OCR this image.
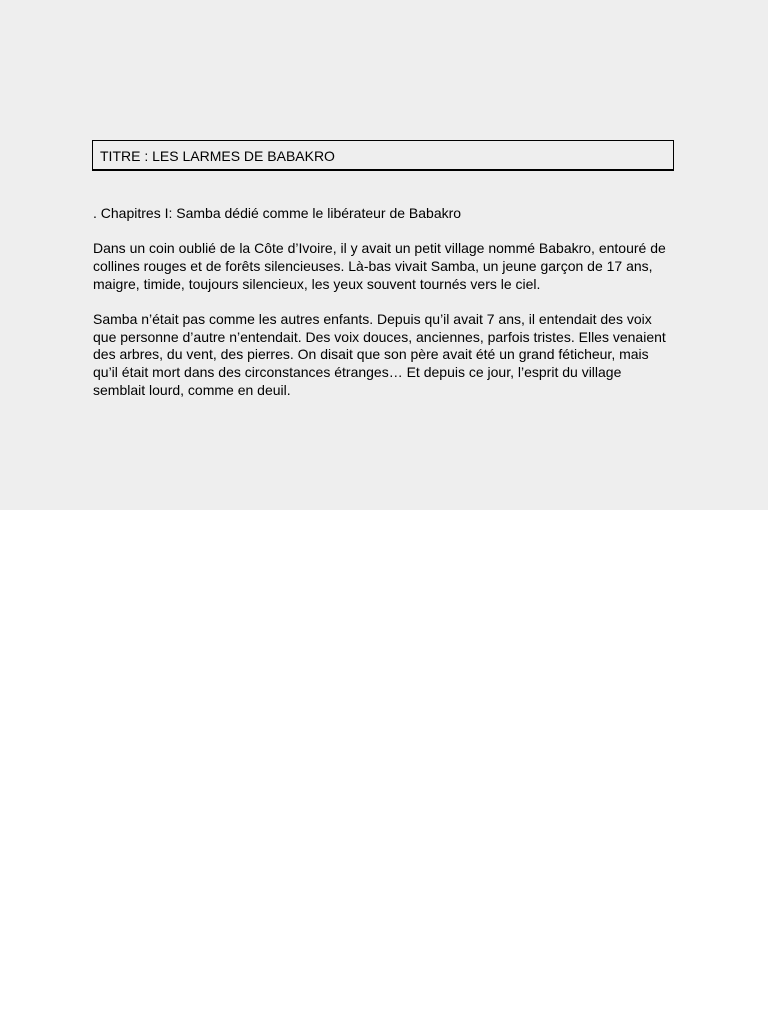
TITRE : LES LARMES DE BABAKRO

. Chapitres I: Samba dédié comme le libérateur de Babakro

Dans un coin oublié de la Côte d’Ivoire, il y avait un petit village nommé Babakro, entouré de collines rouges et de forêts silencieuses. Là-bas vivait Samba, un jeune garçon de 17 ans, maigre, timide, toujours silencieux, les yeux souvent tournés vers le ciel.

Samba n’était pas comme les autres enfants. Depuis qu’il avait 7 ans, il entendait des voix que personne d’autre n’entendait. Des voix douces, anciennes, parfois tristes. Elles venaient des arbres, du vent, des pierres. On disait que son père avait été un grand féticheur, mais qu’il était mort dans des circonstances étranges… Et depuis ce jour, l’esprit du village semblait lourd, comme en deuil.
